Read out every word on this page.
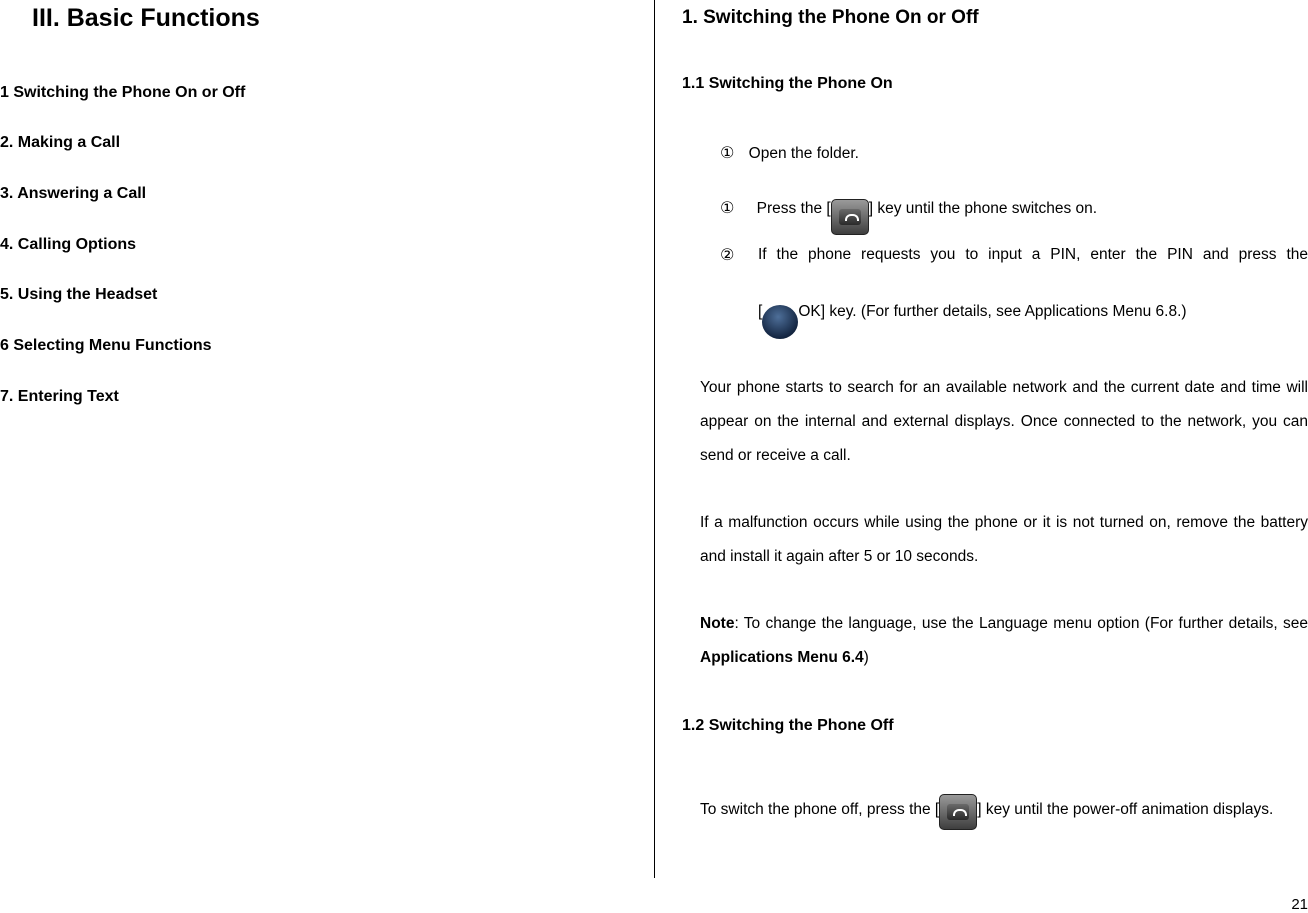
III. Basic Functions
1 Switching the Phone On or Off
2. Making a Call
3. Answering a Call
4. Calling Options
5. Using the Headset
6 Selecting Menu Functions
7. Entering Text
1. Switching the Phone On or Off
1.1 Switching the Phone On
① Open the folder.
① Press the [ ] key until the phone switches on.
② If the phone requests you to input a PIN, enter the PIN and press the
[
OK
OK] key. (For further details, see Applications Menu 6.8.)
Your phone starts to search for an available network and the current date and time will appear on the internal and external displays. Once connected to the network, you can send or receive a call.
If a malfunction occurs while using the phone or it is not turned on, remove the battery and install it again after 5 or 10 seconds.
Note: To change the language, use the Language menu option (For further details, see Applications Menu 6.4)
1.2 Switching the Phone Off
To switch the phone off, press the [ ] key until the power-off animation displays.
21
